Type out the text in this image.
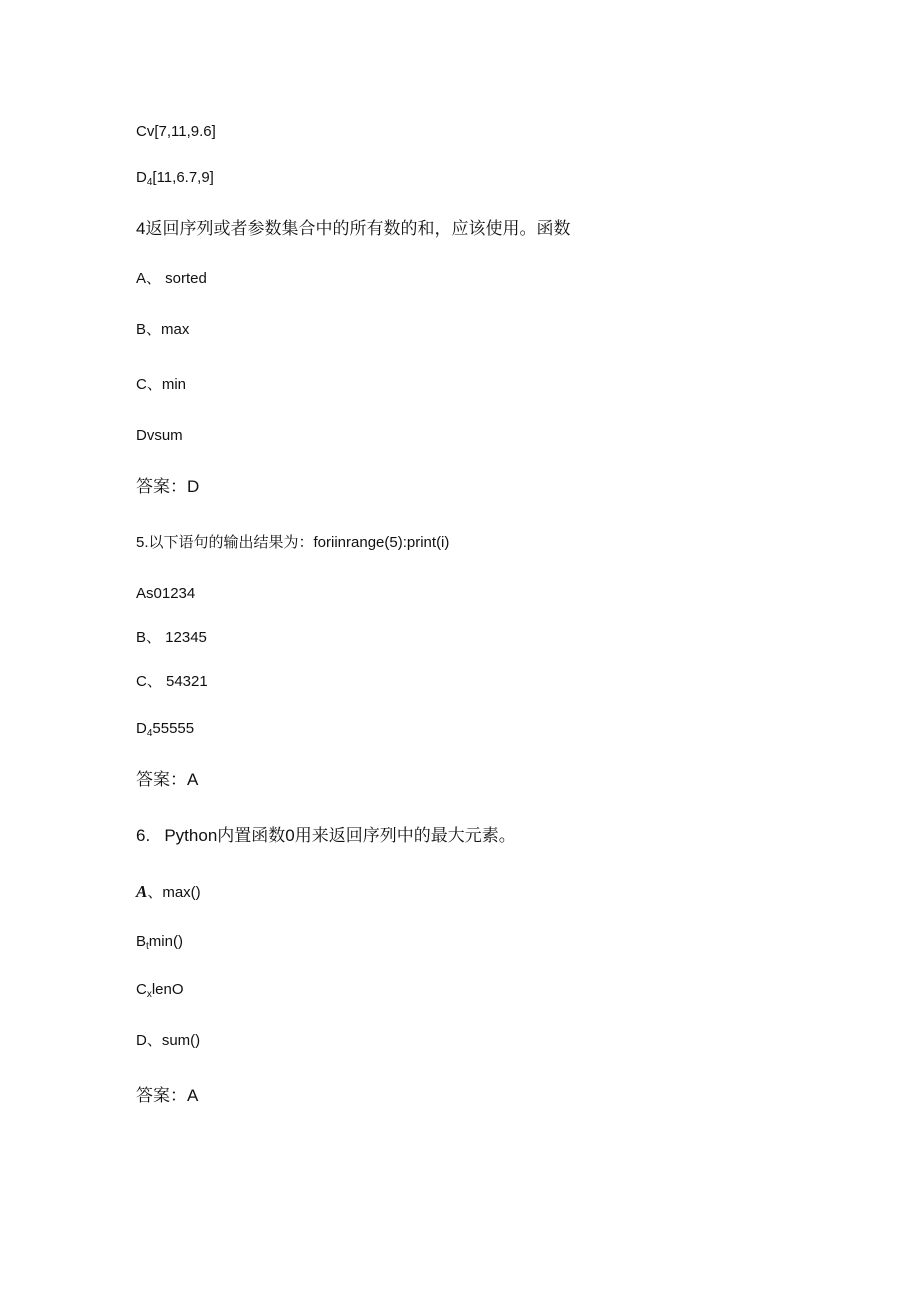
Cv[7,11,9.6]
$D_4[11,6.7,9]$
4返回序列或者参数集合中的所有数的和，应该使用。函数
A、 sorted
B、max
C、min
Dvsum
答案：D
5.以下语句的输出结果为：foriinrange(5):print(i)
As01234
B、 12345
C、 54321
$D_455555$
答案：A
6.   Python内置函数0用来返回序列中的最大元素。
A、max()
$B_t\min()$
$C_xlenO$
D、sum()
答案：A
